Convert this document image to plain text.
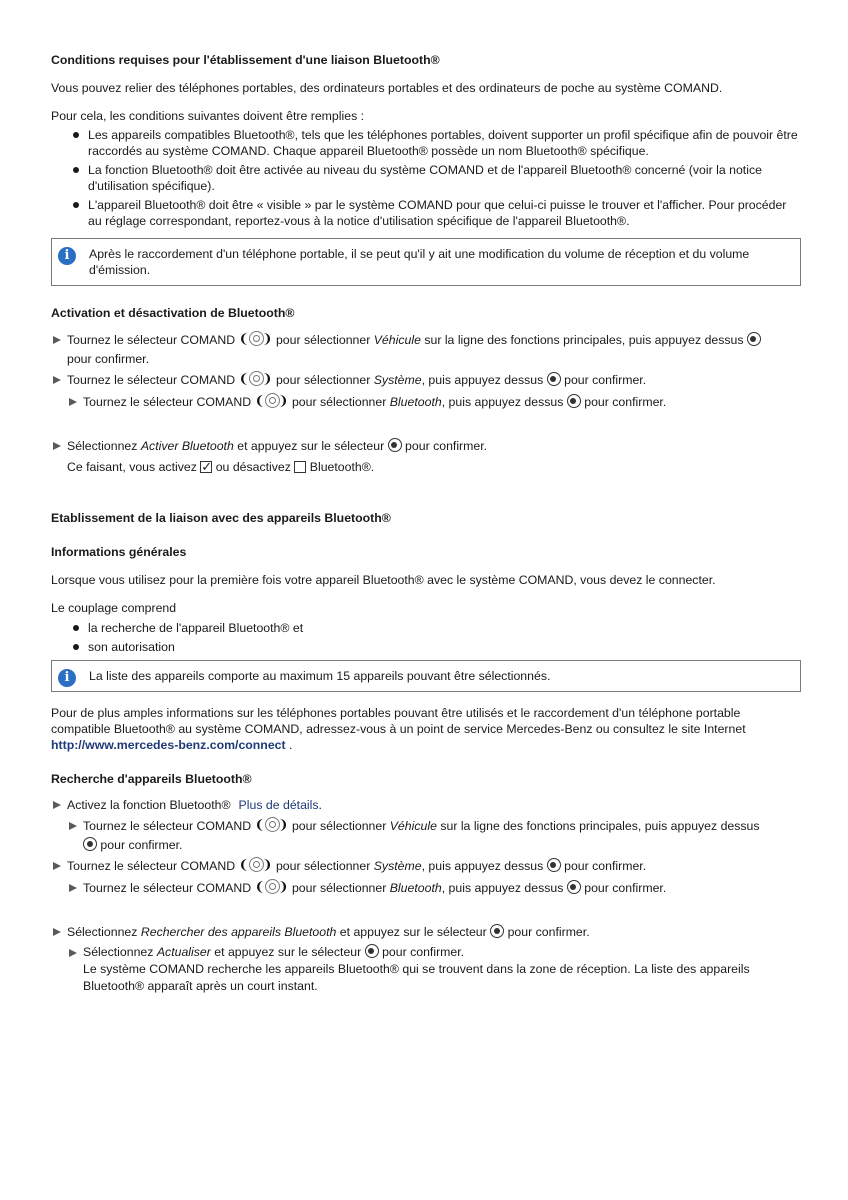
Conditions requises pour l'établissement d'une liaison Bluetooth®

Vous pouvez relier des téléphones portables, des ordinateurs portables et des ordinateurs de poche au système COMAND.

Pour cela, les conditions suivantes doivent être remplies :

Les appareils compatibles Bluetooth®, tels que les téléphones portables, doivent supporter un profil spécifique afin de pouvoir être raccordés au système COMAND. Chaque appareil Bluetooth® possède un nom Bluetooth® spécifique.
La fonction Bluetooth® doit être activée au niveau du système COMAND et de l'appareil Bluetooth® concerné (voir la notice d'utilisation spécifique).
L'appareil Bluetooth® doit être « visible » par le système COMAND pour que celui-ci puisse le trouver et l'afficher. Pour procéder au réglage correspondant, reportez-vous à la notice d'utilisation spécifique de l'appareil Bluetooth®.
i	Après le raccordement d'un téléphone portable, il se peut qu'il y ait une modification du volume de réception et du volume d'émission.
Activation et désactivation de Bluetooth®
Tournez le sélecteur COMAND ❨ ❩ pour sélectionner Véhicule sur la ligne des fonctions principales, puis appuyez dessus
pour confirmer.
Tournez le sélecteur COMAND ❨ ❩ pour sélectionner Système, puis appuyez dessus pour confirmer.
Tournez le sélecteur COMAND ❨ ❩ pour sélectionner Bluetooth, puis appuyez dessus pour confirmer.
Sélectionnez Activer Bluetooth et appuyez sur le sélecteur pour confirmer.
Ce faisant, vous activez ✓ ou désactivez Bluetooth®.
Etablissement de la liaison avec des appareils Bluetooth®
Informations générales

Lorsque vous utilisez pour la première fois votre appareil Bluetooth® avec le système COMAND, vous devez le connecter.

Le couplage comprend

la recherche de l'appareil Bluetooth® et
son autorisation
i	La liste des appareils comporte au maximum 15 appareils pouvant être sélectionnés.

Pour de plus amples informations sur les téléphones portables pouvant être utilisés et le raccordement d'un téléphone portable compatible Bluetooth® au système COMAND, adressez-vous à un point de service Mercedes-Benz ou consultez le site Internet http://www.mercedes-benz.com/connect .

Recherche d'appareils Bluetooth®
Activez la fonction Bluetooth® Plus de détails.
Tournez le sélecteur COMAND ❨ ❩ pour sélectionner Véhicule sur la ligne des fonctions principales, puis appuyez dessus
pour confirmer.
Tournez le sélecteur COMAND ❨ ❩ pour sélectionner Système, puis appuyez dessus pour confirmer.
Tournez le sélecteur COMAND ❨ ❩ pour sélectionner Bluetooth, puis appuyez dessus pour confirmer.
Sélectionnez Rechercher des appareils Bluetooth et appuyez sur le sélecteur pour confirmer.
Sélectionnez Actualiser et appuyez sur le sélecteur pour confirmer.
Le système COMAND recherche les appareils Bluetooth® qui se trouvent dans la zone de réception. La liste des appareils Bluetooth® apparaît après un court instant.
